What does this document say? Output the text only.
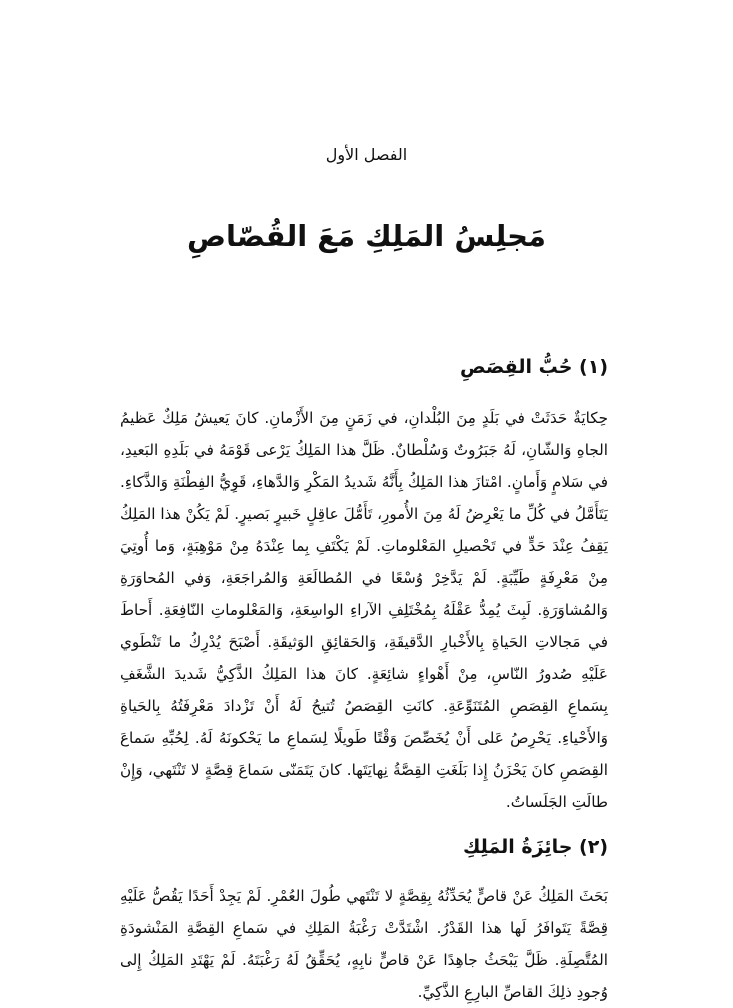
الفصل الأول
مَجلِسُ المَلِكِ مَعَ القُصّاصِ
(١) حُبُّ القِصَصِ

حِكايَةٌ حَدَثَتْ في بَلَدٍ مِنَ البُلْدانِ، في زَمَنٍ مِنَ الأَزْمانِ. كانَ يَعيشُ مَلِكٌ عَظيمُ الجاهِ وَالشّانِ، لَهُ جَبَرُوتٌ وَسُلْطانٌ. ظَلَّ هذا المَلِكُ يَرْعى قَوْمَهُ في بَلَدِهِ البَعيدِ، في سَلامٍ وَأَمانٍ. امْتازَ هذا المَلِكُ بِأَنَّهُ شَديدُ المَكْرِ وَالدَّهاءِ، قَوِيُّ الفِطْنَةِ وَالذَّكاءِ. يَتَأَمَّلُ في كُلِّ ما يَعْرِضُ لَهُ مِنَ الأُمورِ، تَأَمُّلَ عاقِلٍ خَبيرٍ بَصيرٍ. لَمْ يَكُنْ هذا المَلِكُ يَقِفُ عِنْدَ حَدٍّ في تَحْصيلِ المَعْلوماتِ. لَمْ يَكْتَفِ بِما عِنْدَهُ مِنْ مَوْهِبَةٍ، وَما أُوتِيَ مِنْ مَعْرِفَةٍ طَيِّبَةٍ. لَمْ يَدَّخِرْ وُسْعًا في المُطالَعَةِ وَالمُراجَعَةِ، وَفي المُحاوَرَةِ وَالمُشاوَرَةِ. لَبِثَ يُمِدُّ عَقْلَهُ بِمُخْتَلِفِ الآراءِ الواسِعَةِ، وَالمَعْلوماتِ النّافِعَةِ. أَحاطَ في مَجالاتِ الحَياةِ بِالأَخْبارِ الدَّقيقَةِ، وَالحَقائِقِ الوَثيقَةِ. أَصْبَحَ يُدْرِكُ ما تَنْطَوي عَلَيْهِ صُدورُ النّاسِ، مِنْ أَهْواءٍ شائِعَةٍ. كانَ هذا المَلِكُ الذَّكِيُّ شَديدَ الشَّغَفِ بِسَماعِ القِصَصِ المُتَنَوِّعَةِ. كانَتِ القِصَصُ تُتيحُ لَهُ أَنْ تَزْدادَ مَعْرِفَتُهُ بِالحَياةِ وَالأَحْياءِ. يَحْرِصُ عَلى أَنْ يُخَصِّصَ وَقْتًا طَويلًا لِسَماعِ ما يَحْكونَهُ لَهُ. لِحُبِّهِ سَماعَ القِصَصِ كانَ يَحْزَنُ إِذا بَلَغَتِ القِصَّةُ نِهايَتَها. كانَ يَتَمَنّى سَماعَ قِصَّةٍ لا تَنْتَهي، وَإِنْ طالَتِ الجَلَساتُ.

(٢) جائِزَةُ المَلِكِ

بَحَثَ المَلِكُ عَنْ قاصٍّ يُحَدِّثُهُ بِقِصَّةٍ لا تَنْتَهي طُولَ العُمْرِ. لَمْ يَجِدْ أَحَدًا يَقُصُّ عَلَيْهِ قِصَّةً يَتَوافَرُ لَها هذا القَدْرُ. اشْتَدَّتْ رَغْبَةُ المَلِكِ في سَماعِ القِصَّةِ المَنْشودَةِ المُتَّصِلَةِ. ظَلَّ يَبْحَثُ جاهِدًا عَنْ قاصٍّ نابِهٍ، يُحَقِّقُ لَهُ رَغْبَتَهُ. لَمْ يَهْتَدِ المَلِكُ إِلى وُجودِ ذلِكَ القاصِّ البارِعِ الذَّكِيِّ.
